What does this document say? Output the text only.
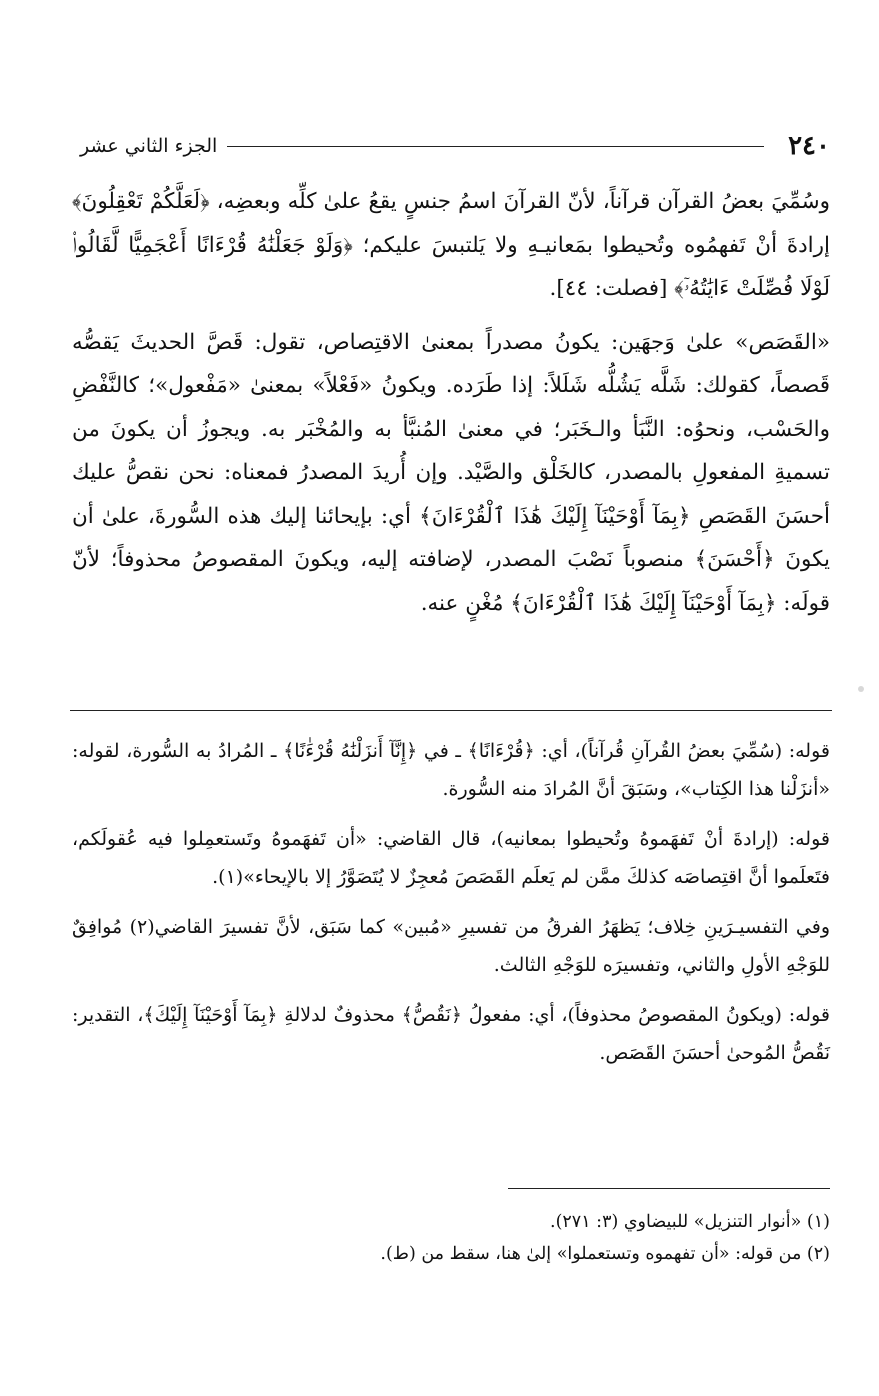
٢٤٠
الجزء الثاني عشر

وسُمِّيَ بعضُ القرآن قرآناً، لأنّ القرآنَ اسمُ جنسٍ يقعُ علىٰ كلِّه وبعضِه، ﴿لَعَلَّكُمْ تَعْقِلُونَ﴾ إرادةَ أنْ تَفهمُوه وتُحيطوا بمَعانيـهِ ولا يَلتبسَ عليكم؛ ﴿وَلَوْ جَعَلْنَٰهُ قُرْءَانًا أَعْجَمِيًّا لَّقَالُوا۟ لَوْلَا فُصِّلَتْ ءَايَٰتُهُۥٓ﴾ [فصلت: ٤٤].

«القَصَص» علىٰ وَجهَين: يكونُ مصدراً بمعنىٰ الاقتِصاص، تقول: قَصَّ الحديثَ يَقصُّه قَصصاً، كقولك: شَلَّه يَشُلُّه شَلَلاً: إذا طَرَده. ويكونُ «فَعْلاً» بمعنىٰ «مَفْعول»؛ كالنَّفْضِ والحَسْب، ونحوُه: النَّبَأ والـخَبَر؛ في معنىٰ المُنبَّأ به والمُخْبَر به. ويجوزُ أن يكونَ من تسميةِ المفعولِ بالمصدر، كالخَلْق والصَّيْد. وإن أُريدَ المصدرُ فمعناه: نحن نقصُّ عليك أحسَنَ القَصَصِ ﴿بِمَآ أَوْحَيْنَآ إِلَيْكَ هَٰذَا ٱلْقُرْءَانَ﴾ أي: بإيحائنا إليك هذه السُّورةَ، علىٰ أن يكونَ ﴿أَحْسَنَ﴾ منصوباً نَصْبَ المصدر، لإضافته إليه، ويكونَ المقصوصُ محذوفاً؛ لأنّ قولَه: ﴿بِمَآ أَوْحَيْنَآ إِلَيْكَ هَٰذَا ٱلْقُرْءَانَ﴾ مُغْنٍ عنه.

قوله: (سُمِّيَ بعضُ القُرآنِ قُرآناً)، أي: ﴿قُرْءَانًا﴾ ـ في ﴿إِنَّآ أَنزَلْنَٰهُ قُرْءَٰنًا﴾ ـ المُرادُ به السُّورة، لقوله: «أنزَلْنا هذا الكِتاب»، وسَبَقَ أنَّ المُرادَ منه السُّورة.

قوله: (إرادةَ أنْ تَفهَموهُ وتُحيطوا بمعانيه)، قال القاضي: «أن تَفهَموهُ وتَستعمِلوا فيه عُقولَكم، فتَعلَموا أنَّ اقتِصاصَه كذلكَ ممَّن لم يَعلَم القَصَصَ مُعجِزٌ لا يُتَصَوَّرُ إلا بالإيحاء»(١).

وفي التفسيـرَينِ خِلاف؛ يَظهَرُ الفرقُ من تفسيرِ «مُبين» كما سَبَق، لأنَّ تفسيرَ القاضي(٢) مُوافِقٌ للوَجْهِ الأولِ والثاني، وتفسيرَه للوَجْهِ الثالث.

قوله: (ويكونُ المقصوصُ محذوفاً)، أي: مفعولُ ﴿نَقُصُّ﴾ محذوفٌ لدلالةِ ﴿بِمَآ أَوْحَيْنَآ إِلَيْكَ﴾، التقدير: نَقُصُّ المُوحىٰ أحسَنَ القَصَص.

(١) «أنوار التنزيل» للبيضاوي (٣: ٢٧١).

(٢) من قوله: «أن تفهموه وتستعملوا» إلىٰ هنا، سقط من (ط).
